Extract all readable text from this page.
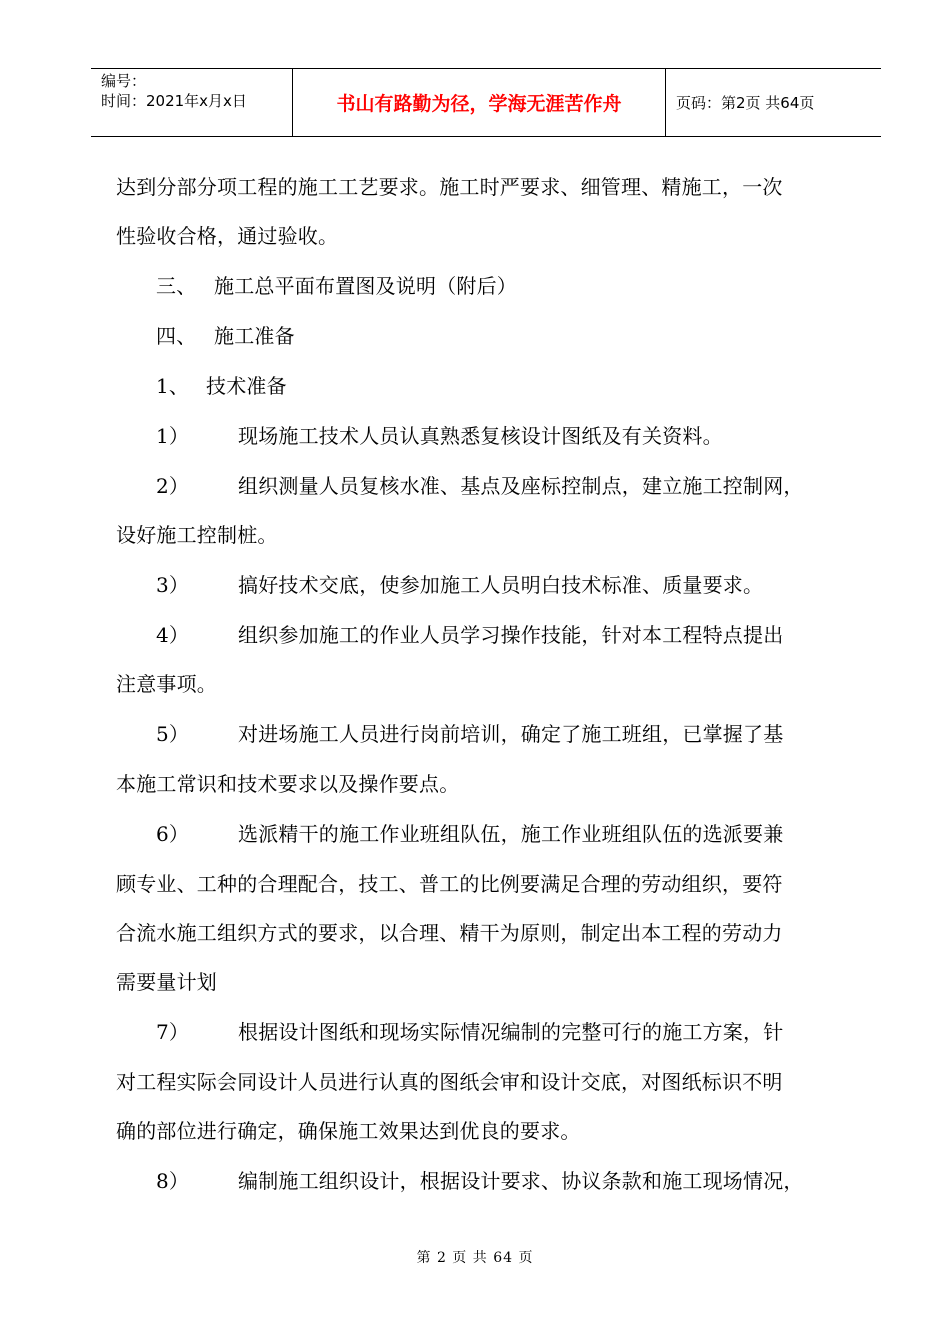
编号：
时间：2021年x月x日	书山有路勤为径，学海无涯苦作舟	页码：第2页 共64页
达到分部分项工程的施工工艺要求。施工时严要求、细管理、精施工，一次
性验收合格，通过验收。
三、 施工总平面布置图及说明（附后）
四、 施工准备
1、 技术准备
1） 现场施工技术人员认真熟悉复核设计图纸及有关资料。
2） 组织测量人员复核水准、基点及座标控制点，建立施工控制网，
设好施工控制桩。
3） 搞好技术交底，使参加施工人员明白技术标准、质量要求。
4） 组织参加施工的作业人员学习操作技能，针对本工程特点提出
注意事项。
5） 对进场施工人员进行岗前培训，确定了施工班组，已掌握了基
本施工常识和技术要求以及操作要点。
6） 选派精干的施工作业班组队伍，施工作业班组队伍的选派要兼
顾专业、工种的合理配合，技工、普工的比例要满足合理的劳动组织，要符
合流水施工组织方式的要求，以合理、精干为原则，制定出本工程的劳动力
需要量计划
7） 根据设计图纸和现场实际情况编制的完整可行的施工方案，针
对工程实际会同设计人员进行认真的图纸会审和设计交底，对图纸标识不明
确的部位进行确定，确保施工效果达到优良的要求。
8） 编制施工组织设计，根据设计要求、协议条款和施工现场情况，
第 2 页 共 64 页
